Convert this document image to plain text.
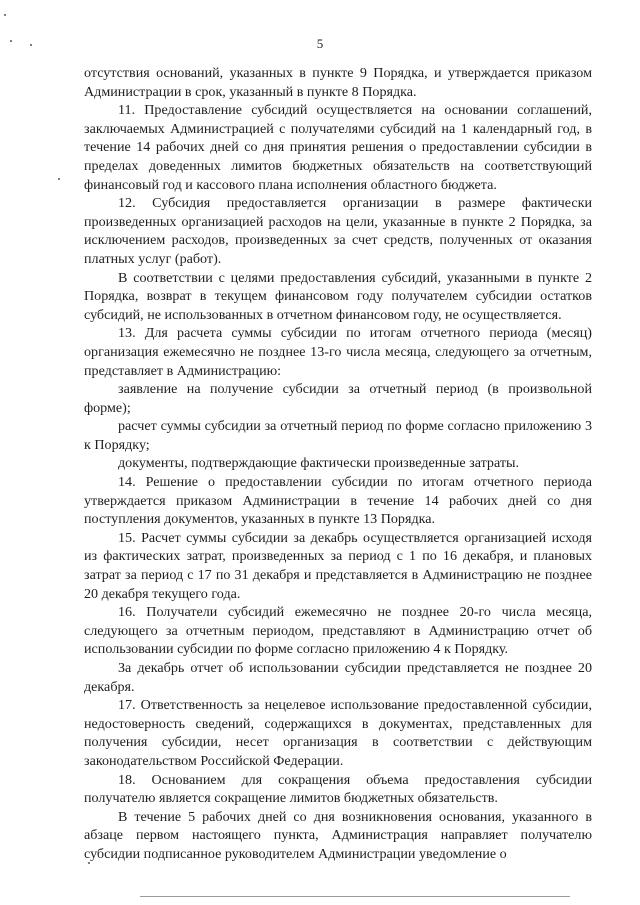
5

отсутствия оснований, указанных в пункте 9 Порядка, и утверждается приказом Администрации в срок, указанный в пункте 8 Порядка.

11. Предоставление субсидий осуществляется на основании соглашений, заключаемых Администрацией с получателями субсидий на 1 календарный год, в течение 14 рабочих дней со дня принятия решения о предоставлении субсидии в пределах доведенных лимитов бюджетных обязательств на соответствующий финансовый год и кассового плана исполнения областного бюджета.

12. Субсидия предоставляется организации в размере фактически произведенных организацией расходов на цели, указанные в пункте 2 Порядка, за исключением расходов, произведенных за счет средств, полученных от оказания платных услуг (работ).

В соответствии с целями предоставления субсидий, указанными в пункте 2 Порядка, возврат в текущем финансовом году получателем субсидии остатков субсидий, не использованных в отчетном финансовом году, не осуществляется.

13. Для расчета суммы субсидии по итогам отчетного периода (месяц) организация ежемесячно не позднее 13-го числа месяца, следующего за отчетным, представляет в Администрацию:

заявление на получение субсидии за отчетный период (в произвольной форме);

расчет суммы субсидии за отчетный период по форме согласно приложению 3 к Порядку;

документы, подтверждающие фактически произведенные затраты.

14. Решение о предоставлении субсидии по итогам отчетного периода утверждается приказом Администрации в течение 14 рабочих дней со дня поступления документов, указанных в пункте 13 Порядка.

15. Расчет суммы субсидии за декабрь осуществляется организацией исходя из фактических затрат, произведенных за период с 1 по 16 декабря, и плановых затрат за период с 17 по 31 декабря и представляется в Администрацию не позднее 20 декабря текущего года.

16. Получатели субсидий ежемесячно не позднее 20-го числа месяца, следующего за отчетным периодом, представляют в Администрацию отчет об использовании субсидии по форме согласно приложению 4 к Порядку.

За декабрь отчет об использовании субсидии представляется не позднее 20 декабря.

17. Ответственность за нецелевое использование предоставленной субсидии, недостоверность сведений, содержащихся в документах, представленных для получения субсидии, несет организация в соответствии с действующим законодательством Российской Федерации.

18. Основанием для сокращения объема предоставления субсидии получателю является сокращение лимитов бюджетных обязательств.

В течение 5 рабочих дней со дня возникновения основания, указанного в абзаце первом настоящего пункта, Администрация направляет получателю субсидии подписанное руководителем Администрации уведомление о
